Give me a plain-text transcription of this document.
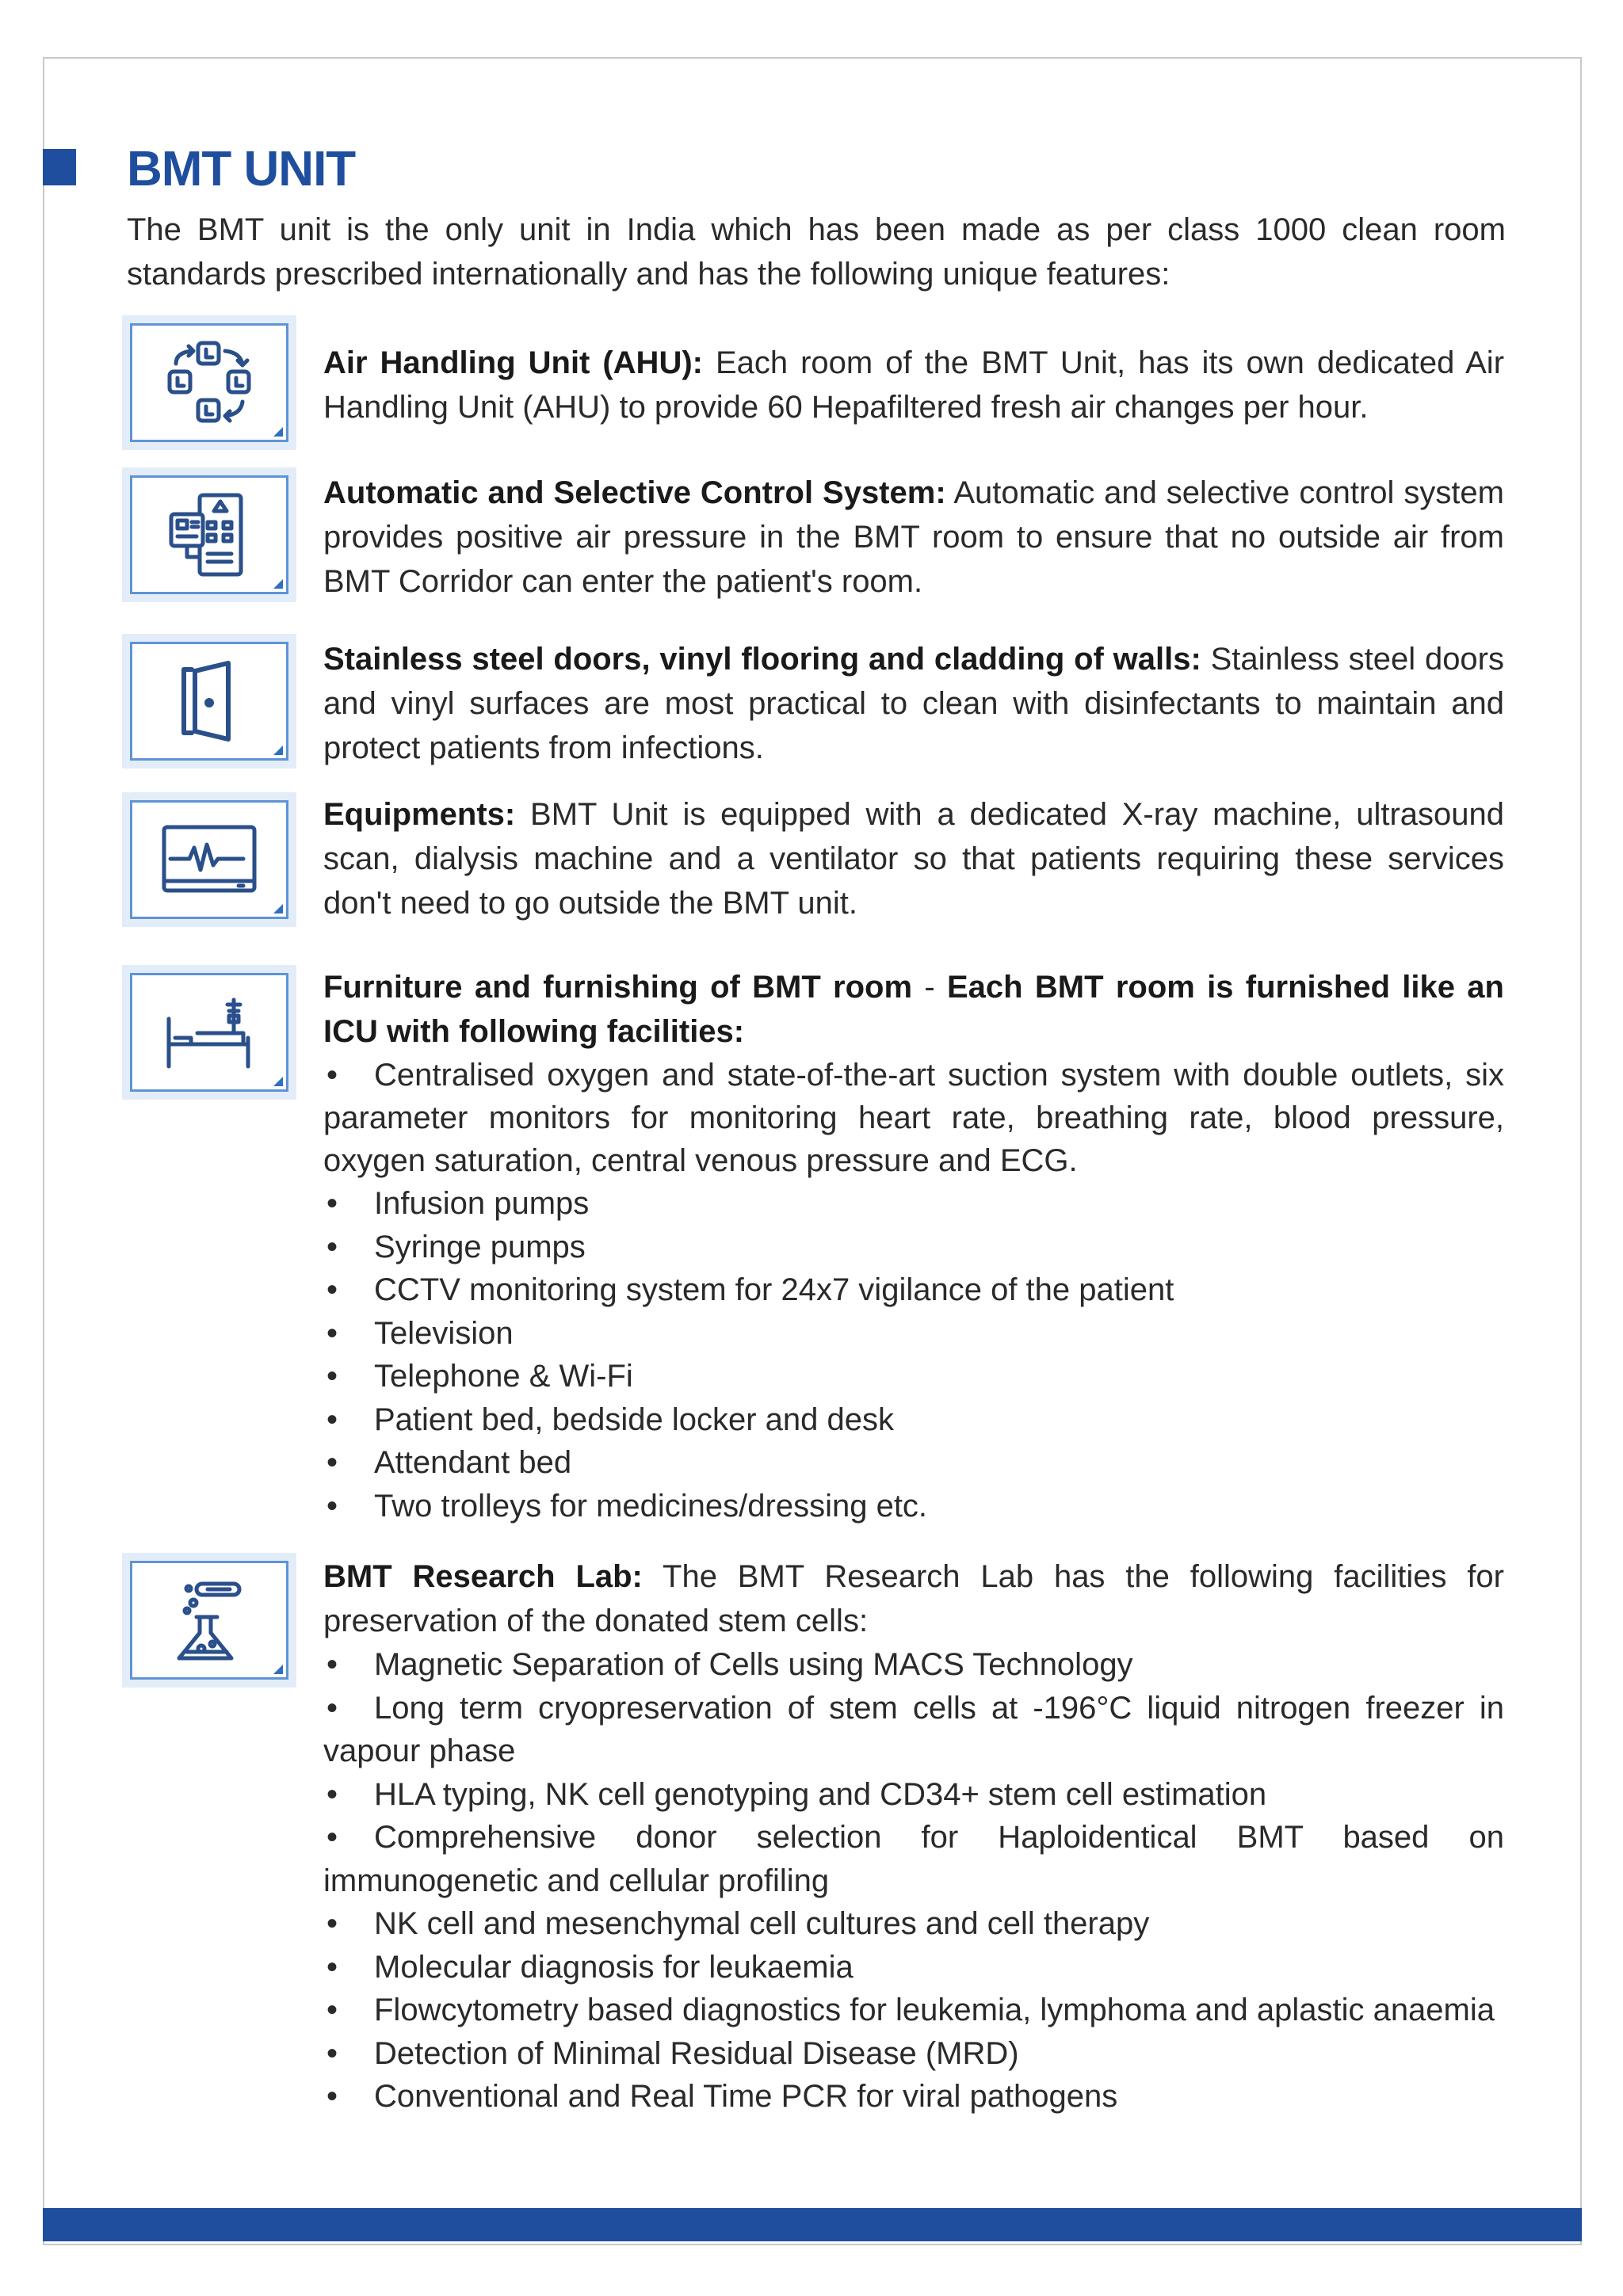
BMT UNIT

The BMT unit is the only unit in India which has been made as per class 1000 clean room standards prescribed internationally and has the following unique features:

Air Handling Unit (AHU): Each room of the BMT Unit, has its own dedicated Air Handling Unit (AHU) to provide 60 Hepafiltered fresh air changes per hour.

Automatic and Selective Control System: Automatic and selective control system provides positive air pressure in the BMT room to ensure that no outside air from BMT Corridor can enter the patient's room.

Stainless steel doors, vinyl flooring and cladding of walls: Stainless steel doors and vinyl surfaces are most practical to clean with disinfectants to maintain and protect patients from infections.

Equipments: BMT Unit is equipped with a dedicated X-ray machine, ultrasound scan, dialysis machine and a ventilator so that patients requiring these services don't need to go outside the BMT unit.

Furniture and furnishing of BMT room - Each BMT room is furnished like an ICU with following facilities:

• Centralised oxygen and state-of-the-art suction system with double outlets, six parameter monitors for monitoring heart rate, breathing rate, blood pressure, oxygen saturation, central venous pressure and ECG.

• Infusion pumps

• Syringe pumps

• CCTV monitoring system for 24x7 vigilance of the patient

• Television

• Telephone & Wi-Fi

• Patient bed, bedside locker and desk

• Attendant bed

• Two trolleys for medicines/dressing etc.

BMT Research Lab: The BMT Research Lab has the following facilities for preservation of the donated stem cells:

• Magnetic Separation of Cells using MACS Technology

• Long term cryopreservation of stem cells at -196°C liquid nitrogen freezer in vapour phase

• HLA typing, NK cell genotyping and CD34+ stem cell estimation

• Comprehensive donor selection for Haploidentical BMT based on immunogenetic and cellular profiling

• NK cell and mesenchymal cell cultures and cell therapy

• Molecular diagnosis for leukaemia

• Flowcytometry based diagnostics for leukemia, lymphoma and aplastic anaemia

• Detection of Minimal Residual Disease (MRD)

• Conventional and Real Time PCR for viral pathogens
